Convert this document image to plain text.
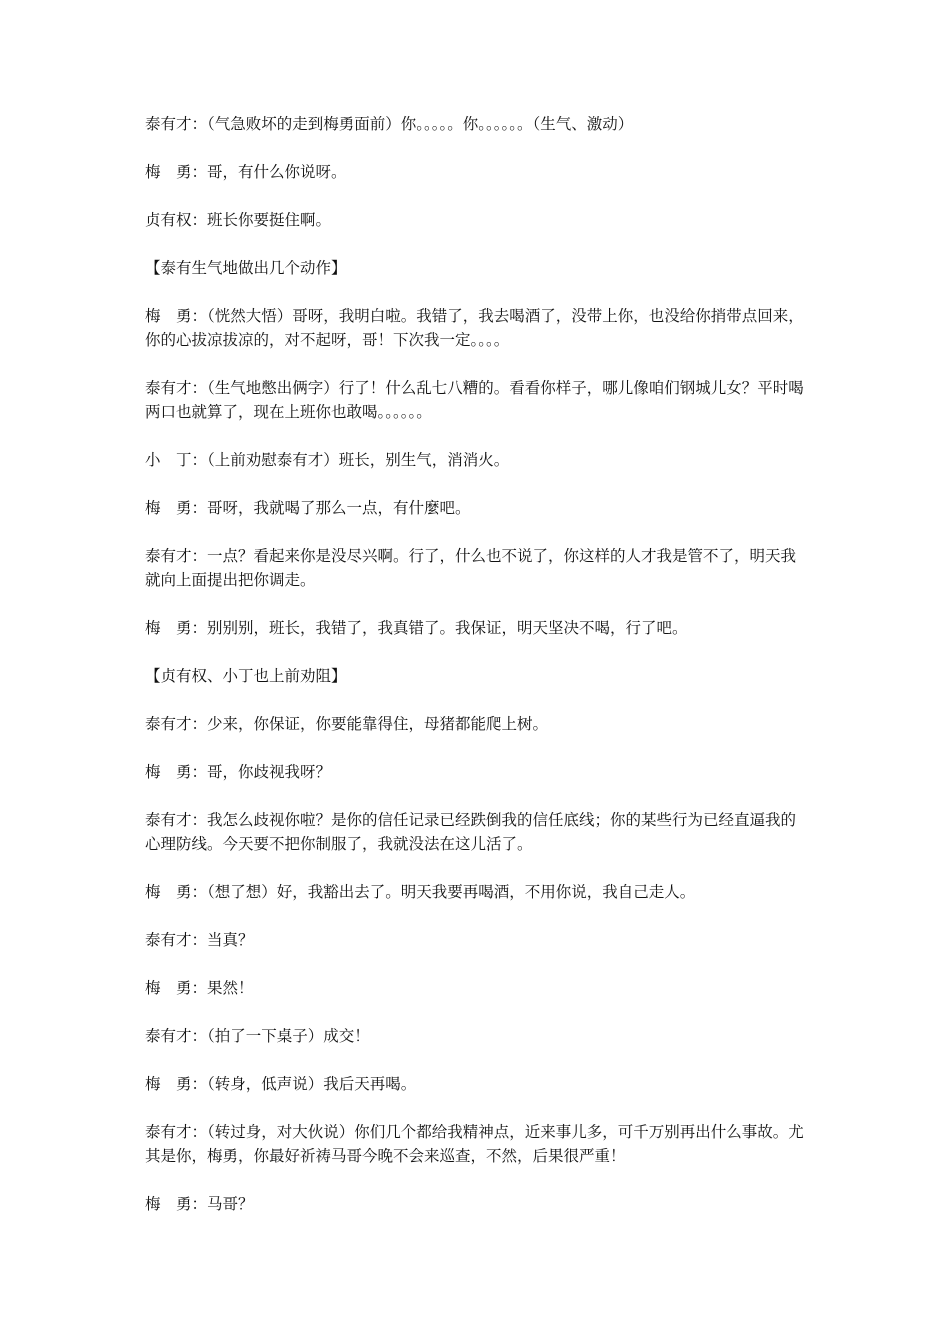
泰有才：（气急败坏的走到梅勇面前）你。。。。。你。。。。。。（生气、激动）

梅　勇：哥，有什么你说呀。

贞有权：班长你要挺住啊。

【泰有生气地做出几个动作】

梅　勇：（恍然大悟）哥呀，我明白啦。我错了，我去喝酒了，没带上你，也没给你捎带点回来，你的心拔凉拔凉的，对不起呀，哥！下次我一定。。。。

泰有才：（生气地憋出俩字）行了！什么乱七八糟的。看看你样子，哪儿像咱们钢城儿女？平时喝两口也就算了，现在上班你也敢喝。。。。。。

小　丁：（上前劝慰泰有才）班长，别生气，消消火。

梅　勇：哥呀，我就喝了那么一点，有什麼吧。

泰有才：一点？看起来你是没尽兴啊。行了，什么也不说了，你这样的人才我是管不了，明天我就向上面提出把你调走。

梅　勇：别别别，班长，我错了，我真错了。我保证，明天坚决不喝，行了吧。

【贞有权、小丁也上前劝阻】

泰有才：少来，你保证，你要能靠得住，母猪都能爬上树。

梅　勇：哥，你歧视我呀？

泰有才：我怎么歧视你啦？是你的信任记录已经跌倒我的信任底线；你的某些行为已经直逼我的心理防线。今天要不把你制服了，我就没法在这儿活了。

梅　勇：（想了想）好，我豁出去了。明天我要再喝酒，不用你说，我自己走人。

泰有才：当真？

梅　勇：果然！

泰有才：（拍了一下桌子）成交！

梅　勇：（转身，低声说）我后天再喝。

泰有才：（转过身，对大伙说）你们几个都给我精神点，近来事儿多，可千万别再出什么事故。尤其是你，梅勇，你最好祈祷马哥今晚不会来巡查，不然，后果很严重！

梅　勇：马哥？
